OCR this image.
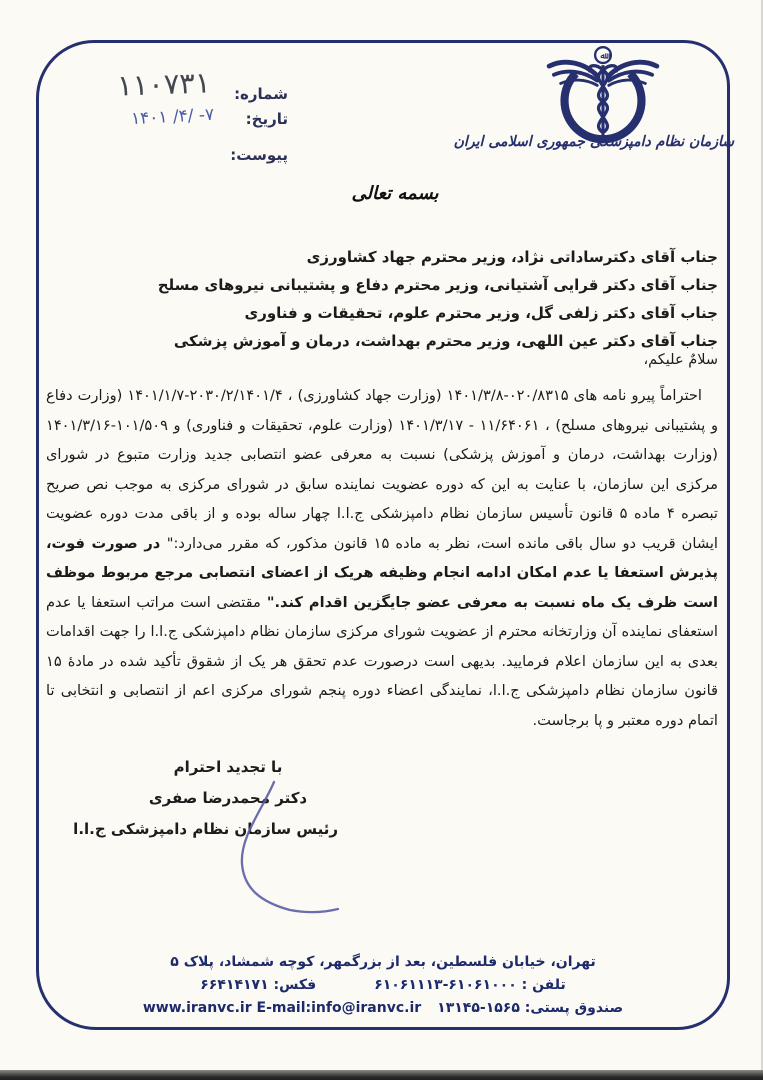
شماره:
۱۱۰۷۳۱
تاریخ:
۷- /۴/ ۱۴۰۱
پیوست:
ﷲ
سازمان نظام دامپزشکی جمهوری اسلامی ایران
بسمه تعالی
جناب آقای دکترساداتی نژاد، وزیر محترم جهاد کشاورزی
جناب آقای دکتر قرایی آشتیانی، وزیر محترم دفاع و پشتیبانی نیروهای مسلح
جناب آقای دکتر زلفی گل، وزیر محترم علوم، تحقیقات و فناوری
جناب آقای دکتر عین اللهی، وزیر محترم بهداشت، درمان و آموزش پزشکی
سلامٌ علیکم،
احتراماً پیرو نامه های ۰۲۰/۸۳۱۵-۱۴۰۱/۳/۸ (وزارت جهاد کشاورزی) ، ۲۰۳۰/۲/۱۴۰۱/۴-۱۴۰۱/۱/۷ (وزارت دفاع و پشتیبانی نیروهای مسلح) ، ۱۱/۶۴۰۶۱ - ۱۴۰۱/۳/۱۷ (وزارت علوم، تحقیقات و فناوری) و ۱۰۱/۵۰۹-۱۴۰۱/۳/۱۶ (وزارت بهداشت، درمان و آموزش پزشکی) نسبت به معرفی عضو انتصابی جدید وزارت متبوع در شورای مرکزی این سازمان، با عنایت به این که دوره عضویت نماینده سابق در شورای مرکزی به موجب نص صریح تبصره ۴ ماده ۵ قانون تأسیس سازمان نظام دامپزشکی ج.ا.ا چهار ساله بوده و از باقی مدت دوره عضویت ایشان قریب دو سال باقی مانده است، نظر به ماده ۱۵ قانون مذکور، که مقرر می‌دارد:" در صورت فوت، پذیرش استعفا یا عدم امکان ادامه انجام وظیفه هریک از اعضای انتصابی مرجع مربوط موظف است ظرف یک ماه نسبت به معرفی عضو جایگزین اقدام کند." مقتضی است مراتب استعفا یا عدم استعفای نماینده آن وزارتخانه محترم از عضویت شورای مرکزی سازمان نظام دامپزشکی ج.ا.ا را جهت اقدامات بعدی به این سازمان اعلام فرمایید. بدیهی است درصورت عدم تحقق هر یک از شقوق تأکید شده در مادۀ ۱۵ قانون سازمان نظام دامپزشکی ج.ا.ا، نمایندگی اعضاء دوره پنجم شورای مرکزی اعم از انتصابی و انتخابی تا اتمام دوره معتبر و پا برجاست.
با تجدید احترام
دکتر محمدرضا صفری
رئیس سازمان نظام دامپزشکی ج.ا.ا
تهران، خیابان فلسطین، بعد از بزرگمهر، کوچه شمشاد، پلاک ۵
تلفن : ۶۱۰۶۱۰۰۰-۶۱۰۶۱۱۱۳
فکس: ۶۶۴۱۴۱۷۱
صندوق پستی: ۱۵۶۵-۱۳۱۴۵
www.iranvc.ir E-mail:info@iranvc.ir
